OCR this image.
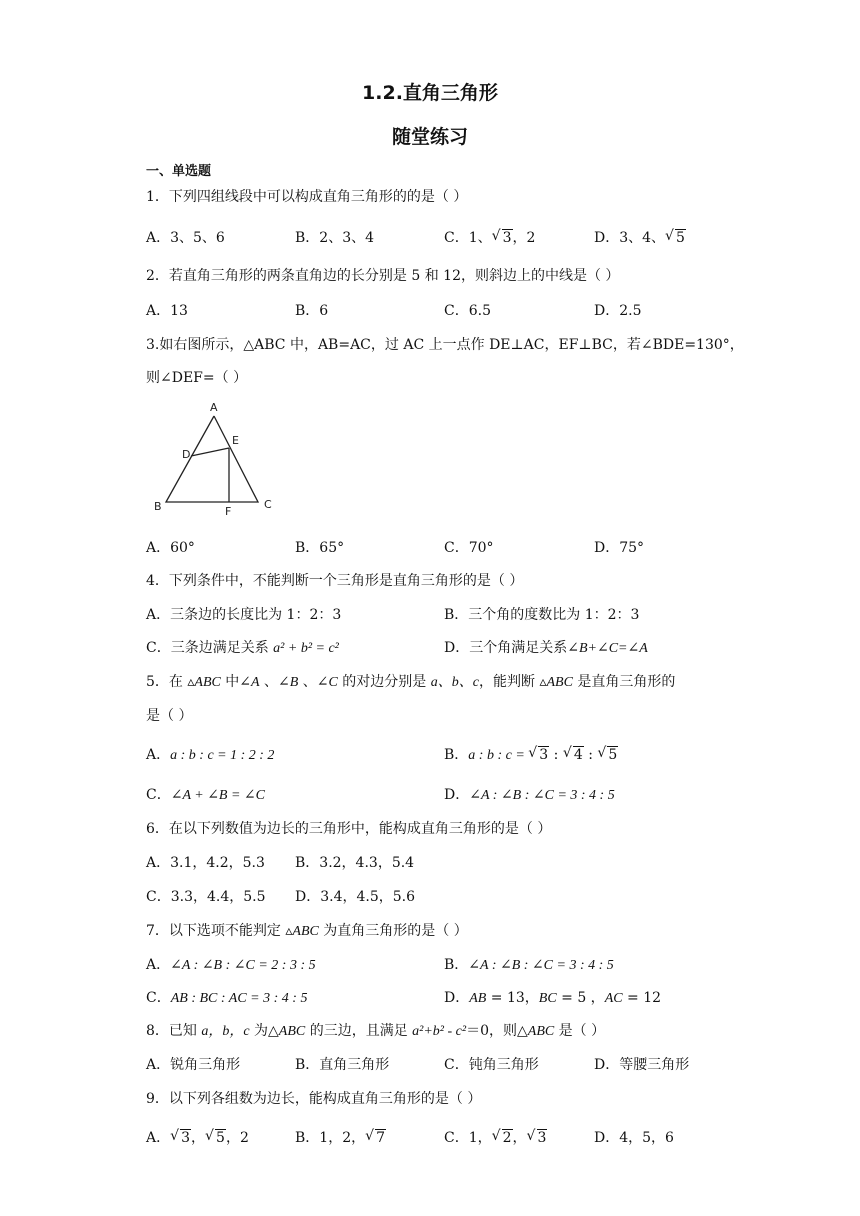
1.2.直角三角形
随堂练习
一、单选题
1．下列四组线段中可以构成直角三角形的的是（ ）
A．3、5、6	B．2、3、4	C．1、 √ 3，2	D．3、4、 √ 5
2．若直角三角形的两条直角边的长分别是 5 和 12，则斜边上的中线是（ ）
A．13	B．6	C．6.5	D．2.5
3.如右图所示，△ABC 中，AB=AC，过 AC 上一点作 DE⊥AC，EF⊥BC，若∠BDE=130°，
则∠DEF=（ ）
A
B	C
D
E
F
A．60°	B．65°	C．70°	D．75°
4．下列条件中，不能判断一个三角形是直角三角形的是（ ）
A．三条边的长度比为 1：2：3	B．三个角的度数比为 1：2：3
C．三条边满足关系 a² + b² = c²	D．三个角满足关系∠B+∠C=∠A
5．在 ▵ABC 中∠A 、∠B 、∠C 的对边分别是 a、b、c，能判断 ▵ABC 是直角三角形的
是（ ）
A．a : b : c = 1 : 2 : 2	B．a : b : c = √ 3 : √ 4 : √ 5
C．∠A + ∠B = ∠C	D．∠A : ∠B : ∠C = 3 : 4 : 5
6．在以下列数值为边长的三角形中，能构成直角三角形的是（ ）
A．3.1，4.2，5.3 B．3.2，4.3，5.4
C．3.3，4.4，5.5 D．3.4，4.5，5.6
7．以下选项不能判定 ▵ABC 为直角三角形的是（ ）
A．∠A : ∠B : ∠C = 2 : 3 : 5	B．∠A : ∠B : ∠C = 3 : 4 : 5
C．AB : BC : AC = 3 : 4 : 5	D．AB = 13，BC = 5 ，AC = 12
8．已知 a，b，c 为△ABC 的三边，且满足 a²+b² - c²＝0，则△ABC 是（ ）
A．锐角三角形	B．直角三角形	C．钝角三角形	D．等腰三角形
9．以下列各组数为边长，能构成直角三角形的是（ ）
A． √ 3， √ 5，2	B．1，2， √ 7	C．1， √ 2， √ 3	D．4，5，6
